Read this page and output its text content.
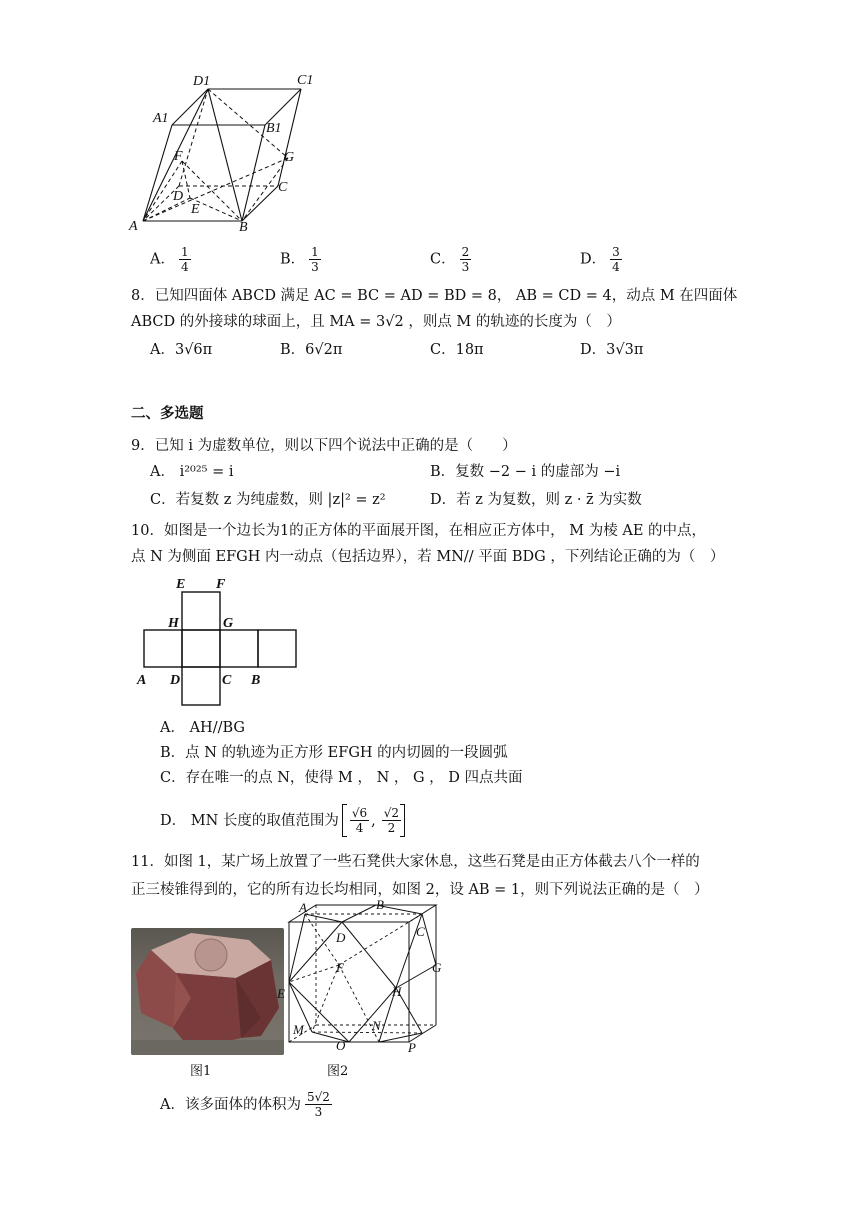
D1	C1
A1
B1
G
F
C
D
E
A	B
A． $\frac{1}{4}$	B． $\frac{1}{3}$	C． $\frac{2}{3}$	D． $\frac{3}{4}$
8．已知四面体 ABCD 满足 AC = BC = AD = BD = 8， AB = CD = 4，动点 M 在四面体
ABCD 的外接球的球面上，且 MA = 3√2 ，则点 M 的轨迹的长度为（　）
A．3√6π	B．6√2π	C．18π	D．3√3π
二、多选题
9．已知 i 为虚数单位，则以下四个说法中正确的是（　　）
A． i²⁰²⁵ = i	B．复数 −2 − i 的虚部为 −i
C．若复数 z 为纯虚数，则 |z|² = z²	D．若 z 为复数，则 z · z̄ 为实数
10．如图是一个边长为1的正方体的平面展开图，在相应正方体中， M 为棱 AE 的中点，
点 N 为侧面 EFGH 内一动点（包括边界），若 MN// 平面 BDG ，下列结论正确的为（　）
E F
H	G
A D	C B
A． AH//BG
B．点 N 的轨迹为正方形 EFGH 的内切圆的一段圆弧
C．存在唯一的点 N，使得 M ， N ， G ， D 四点共面
D． MN 长度的取值范围为 $\frac{√6}{4}$ , $\frac{√2}{2}$
11．如图 1，某广场上放置了一些石凳供大家休息，这些石凳是由正方体截去八个一样的
正三棱锥得到的，它的所有边长均相同，如图 2，设 AB = 1，则下列说法正确的是（　）
图1
A	B
C
D
F	G
E	H
M
O
N
P
图2
A．该多面体的体积为 $\frac{5√2}{3}$
